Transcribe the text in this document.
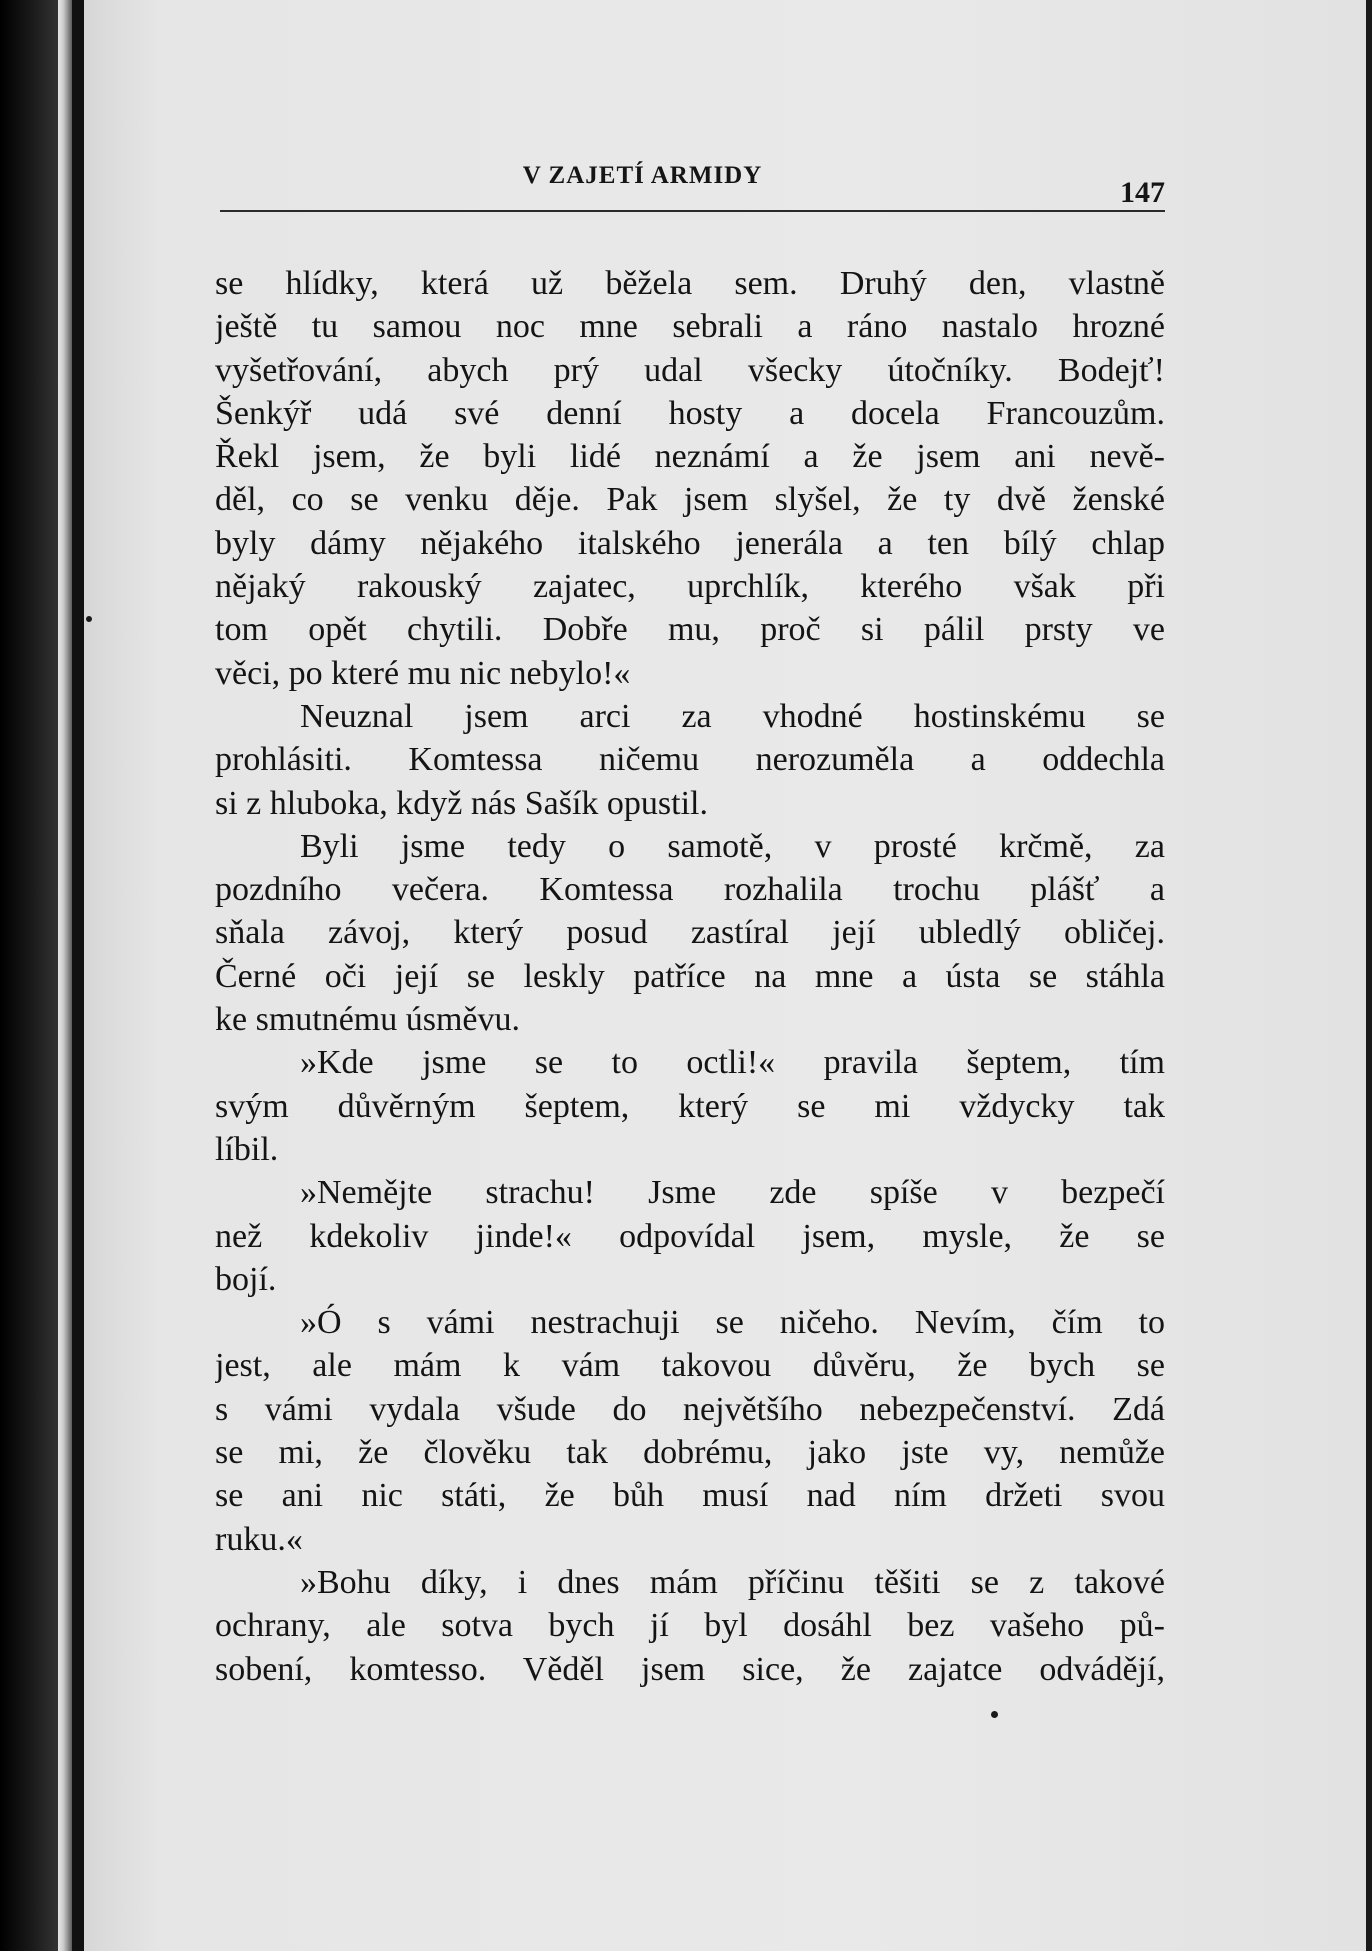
V ZAJETÍ ARMIDY
147
se hlídky, která už běžela sem. Druhý den, vlastně
ještě tu samou noc mne sebrali a ráno nastalo hrozné
vyšetřování, abych prý udal všecky útočníky. Bodejť!
Šenkýř udá své denní hosty a docela Francouzům.
Řekl jsem, že byli lidé neznámí a že jsem ani nevě-
děl, co se venku děje. Pak jsem slyšel, že ty dvě ženské
byly dámy nějakého italského jenerála a ten bílý chlap
nějaký rakouský zajatec, uprchlík, kterého však při
tom opět chytili. Dobře mu, proč si pálil prsty ve
věci, po které mu nic nebylo!«
Neuznal jsem arci za vhodné hostinskému se
prohlásiti. Komtessa ničemu nerozuměla a oddechla
si z hluboka, když nás Sašík opustil.
Byli jsme tedy o samotě, v prosté krčmě, za
pozdního večera. Komtessa rozhalila trochu plášť a
sňala závoj, který posud zastíral její ubledlý obličej.
Černé oči její se leskly patříce na mne a ústa se stáhla
ke smutnému úsměvu.
»Kde jsme se to octli!« pravila šeptem, tím
svým důvěrným šeptem, který se mi vždycky tak
líbil.
»Nemějte strachu! Jsme zde spíše v bezpečí
než kdekoliv jinde!« odpovídal jsem, mysle, že se
bojí.
»Ó s vámi nestrachuji se ničeho. Nevím, čím to
jest, ale mám k vám takovou důvěru, že bych se
s vámi vydala všude do největšího nebezpečenství. Zdá
se mi, že člověku tak dobrému, jako jste vy, nemůže
se ani nic státi, že bůh musí nad ním držeti svou
ruku.«
»Bohu díky, i dnes mám příčinu těšiti se z takové
ochrany, ale sotva bych jí byl dosáhl bez vašeho pů-
sobení, komtesso. Věděl jsem sice, že zajatce odvádějí,
